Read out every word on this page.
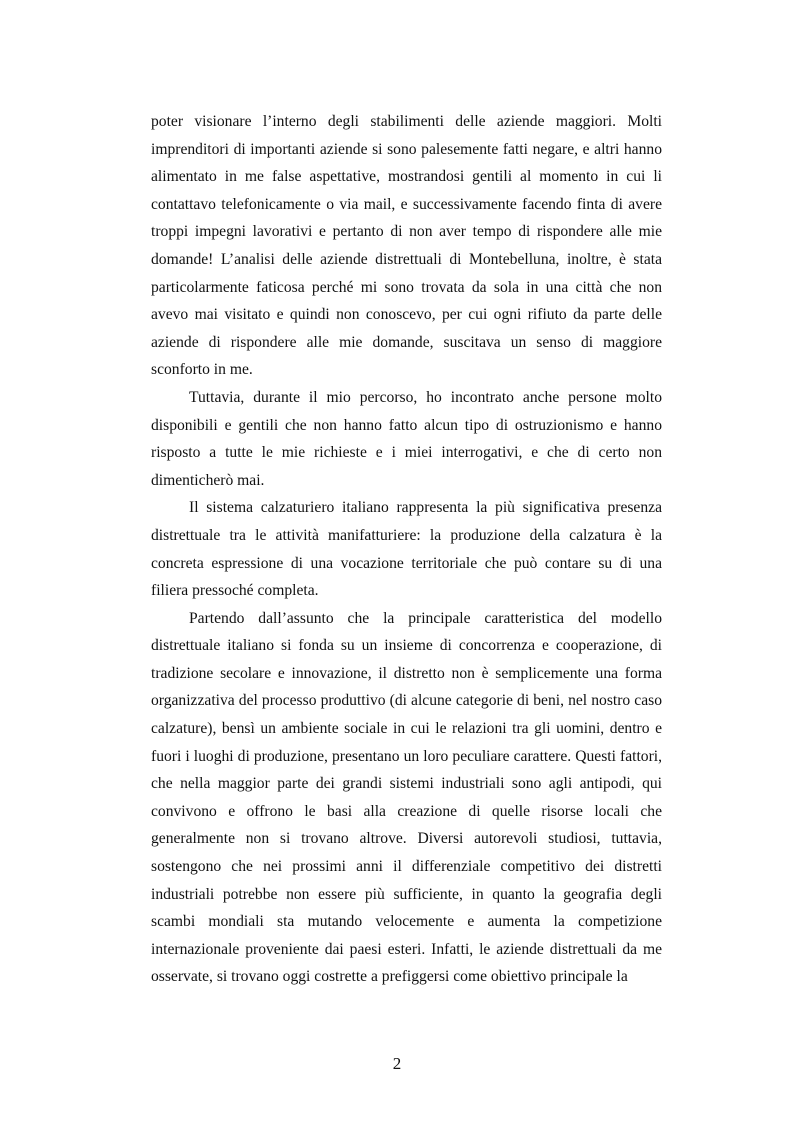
poter visionare l’interno degli stabilimenti delle aziende maggiori. Molti imprenditori di importanti aziende si sono palesemente fatti negare, e altri hanno alimentato in me false aspettative, mostrandosi gentili al momento in cui li contattavo telefonicamente o via mail, e successivamente facendo finta di avere troppi impegni lavorativi e pertanto di non aver tempo di rispondere alle mie domande! L’analisi delle aziende distrettuali di Montebelluna, inoltre, è stata particolarmente faticosa perché mi sono trovata da sola in una città che non avevo mai visitato e quindi non conoscevo, per cui ogni rifiuto da parte delle aziende di rispondere alle mie domande, suscitava un senso di maggiore sconforto in me.

Tuttavia, durante il mio percorso, ho incontrato anche persone molto disponibili e gentili che non hanno fatto alcun tipo di ostruzionismo e hanno risposto a tutte le mie richieste e i miei interrogativi, e che di certo non dimenticherò mai.

Il sistema calzaturiero italiano rappresenta la più significativa presenza distrettuale tra le attività manifatturiere: la produzione della calzatura è la concreta espressione di una vocazione territoriale che può contare su di una filiera pressoché completa.

Partendo dall’assunto che la principale caratteristica del modello distrettuale italiano si fonda su un insieme di concorrenza e cooperazione, di tradizione secolare e innovazione, il distretto non è semplicemente una forma organizzativa del processo produttivo (di alcune categorie di beni, nel nostro caso calzature), bensì un ambiente sociale in cui le relazioni tra gli uomini, dentro e fuori i luoghi di produzione, presentano un loro peculiare carattere. Questi fattori, che nella maggior parte dei grandi sistemi industriali sono agli antipodi, qui convivono e offrono le basi alla creazione di quelle risorse locali che generalmente non si trovano altrove. Diversi autorevoli studiosi, tuttavia, sostengono che nei prossimi anni il differenziale competitivo dei distretti industriali potrebbe non essere più sufficiente, in quanto la geografia degli scambi mondiali sta mutando velocemente e aumenta la competizione internazionale proveniente dai paesi esteri. Infatti, le aziende distrettuali da me osservate, si trovano oggi costrette a prefiggersi come obiettivo principale la

2
